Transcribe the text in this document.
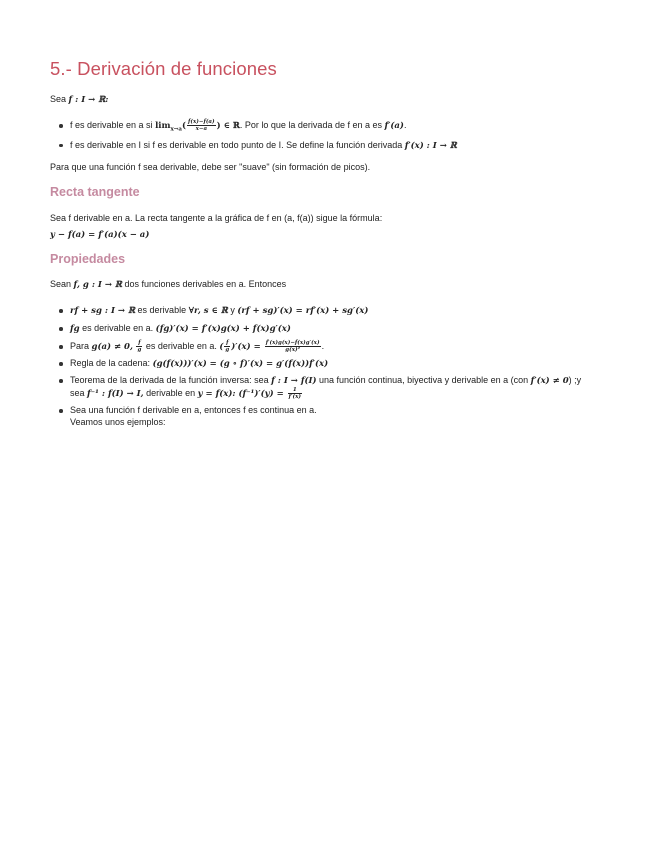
5.- Derivación de funciones

Sea f : I → ℝ:

f es derivable en a si $\lim_{x\to a}( \frac{f(x)-f(a)}{x-a}$ ) ∈ ℝ. Por lo que la derivada de f en a es f′(a).
f es derivable en I si f es derivable en todo punto de I. Se define la función derivada f′(x) : I → ℝ

Para que una función f sea derivable, debe ser "suave" (sin formación de picos).

Recta tangente

Sea f derivable en a. La recta tangente a la gráfica de f en (a, f(a)) sigue la fórmula:

y − f(a) = f′(a)(x − a)

Propiedades

Sean f, g : I → ℝ dos funciones derivables en a. Entonces

rf + sg : I → ℝ es derivable ∀r, s ∈ ℝ y (rf + sg)′(x) = rf′(x) + sg′(x)
fg es derivable en a. (fg)′(x) = f′(x)g(x) + f(x)g′(x)
Para g(a) ≠ 0, $\frac{f}{g}$ es derivable en a. ( $\frac{f}{g} )'(x) = \frac{f'(x)g(x)-f(x)g'(x)}{\text{g(x)²}}$ .
Regla de la cadena: (g(f(x)))′(x) = (g ∘ f)′(x) = g′(f(x))f′(x)
Teorema de la derivada de la función inversa: sea f : I → f(I) una función continua, biyectiva y derivable en a (con f′(x) ≠ 0) ;y
sea f⁻¹ : f(I) → I, derivable en y = f(x): $(f^{-1})'(y) = \frac{1}{f'(x)}$
Sea una función f derivable en a, entonces f es continua en a.
Veamos unos ejemplos:
